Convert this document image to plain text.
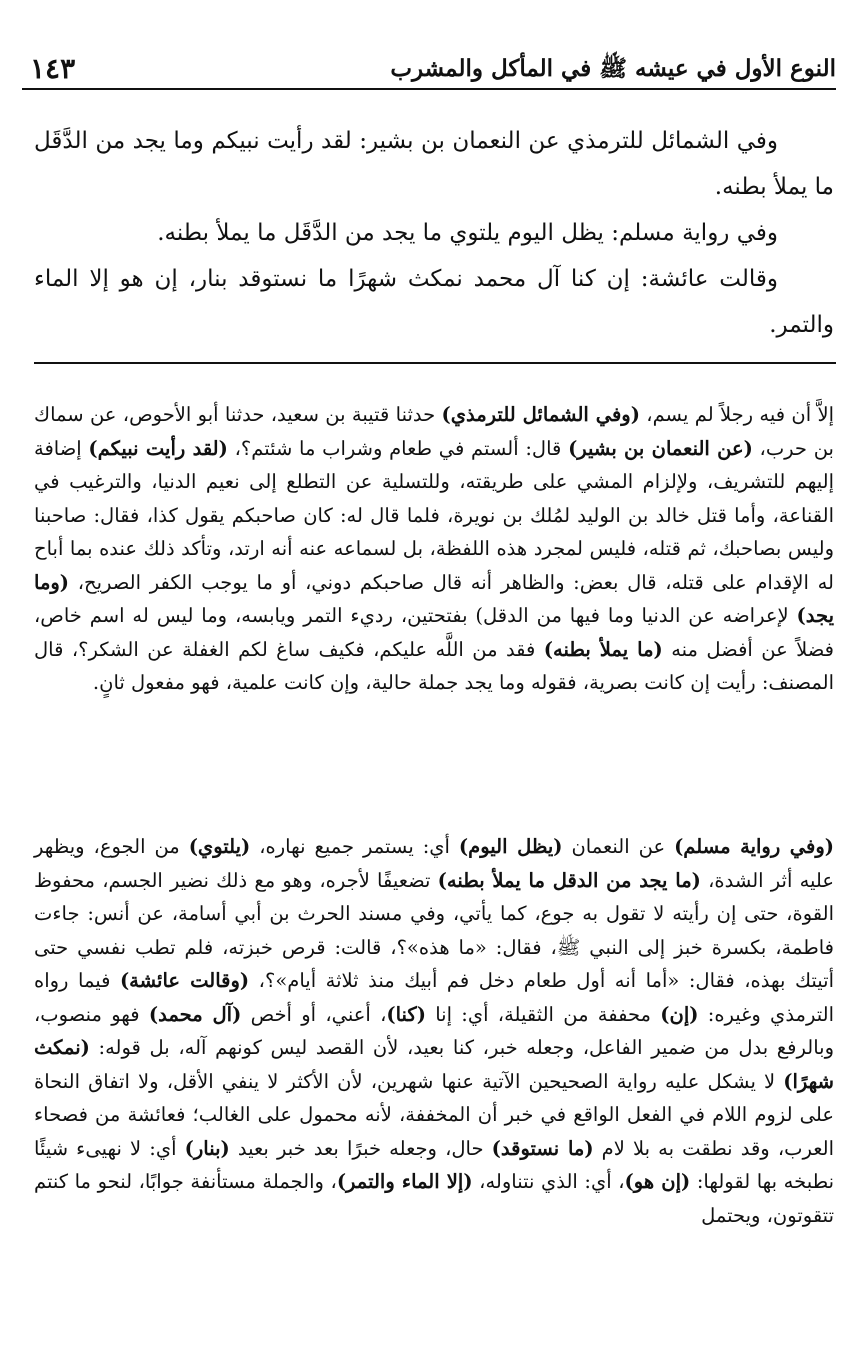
النوع الأول في عيشه ﷺ في المأكل والمشرب
١٤٣

وفي الشمائل للترمذي عن النعمان بن بشير: لقد رأيت نبيكم وما يجد من الدَّقَل ما يملأ بطنه.

وفي رواية مسلم: يظل اليوم يلتوي ما يجد من الدَّقَل ما يملأ بطنه.

وقالت عائشة: إن كنا آل محمد نمكث شهرًا ما نستوقد بنار، إن هو إلا الماء والتمر.

إلاَّ أن فيه رجلاً لم يسم، (وفي الشمائل للترمذي) حدثنا قتيبة بن سعيد، حدثنا أبو الأحوص، عن سماك بن حرب، (عن النعمان بن بشير) قال: ألستم في طعام وشراب ما شئتم؟، (لقد رأيت نبيكم) إضافة إليهم للتشريف، ولإلزام المشي على طريقته، وللتسلية عن التطلع إلى نعيم الدنيا، والترغيب في القناعة، وأما قتل خالد بن الوليد لمُلك بن نويرة، فلما قال له: كان صاحبكم يقول كذا، فقال: صاحبنا وليس بصاحبك، ثم قتله، فليس لمجرد هذه اللفظة، بل لسماعه عنه أنه ارتد، وتأكد ذلك عنده بما أباح له الإقدام على قتله، قال بعض: والظاهر أنه قال صاحبكم دوني، أو ما يوجب الكفر الصريح، (وما يجد) لإعراضه عن الدنيا وما فيها من الدقل) بفتحتين، رديء التمر ويابسه، وما ليس له اسم خاص، فضلاً عن أفضل منه (ما يملأ بطنه) فقد من اللَّه عليكم، فكيف ساغ لكم الغفلة عن الشكر؟، قال المصنف: رأيت إن كانت بصرية، فقوله وما يجد جملة حالية، وإن كانت علمية، فهو مفعول ثانٍ.

(وفي رواية مسلم) عن النعمان (يظل اليوم) أي: يستمر جميع نهاره، (يلتوي) من الجوع، ويظهر عليه أثر الشدة، (ما يجد من الدقل ما يملأ بطنه) تضعيفًا لأجره، وهو مع ذلك نضير الجسم، محفوظ القوة، حتى إن رأيته لا تقول به جوع، كما يأتي، وفي مسند الحرث بن أبي أسامة، عن أنس: جاءت فاطمة، بكسرة خبز إلى النبي ﷺ، فقال: «ما هذه»؟، قالت: قرص خبزته، فلم تطب نفسي حتى أتيتك بهذه، فقال: «أما أنه أول طعام دخل فم أبيك منذ ثلاثة أيام»؟، (وقالت عائشة) فيما رواه الترمذي وغيره: (إن) محففة من الثقيلة، أي: إنا (كنا)، أعني، أو أخص (آل محمد) فهو منصوب، وبالرفع بدل من ضمير الفاعل، وجعله خبر، كنا بعيد، لأن القصد ليس كونهم آله، بل قوله: (نمكث شهرًا) لا يشكل عليه رواية الصحيحين الآتية عنها شهرين، لأن الأكثر لا ينفي الأقل، ولا اتفاق النحاة على لزوم اللام في الفعل الواقع في خبر أن المخففة، لأنه محمول على الغالب؛ فعائشة من فصحاء العرب، وقد نطقت به بلا لام (ما نستوقد) حال، وجعله خبرًا بعد خبر بعيد (بنار) أي: لا نهيىء شيئًا نطبخه بها لقولها: (إن هو)، أي: الذي نتناوله، (إلا الماء والتمر)، والجملة مستأنفة جوابًا، لنحو ما كنتم تتقوتون، ويحتمل
